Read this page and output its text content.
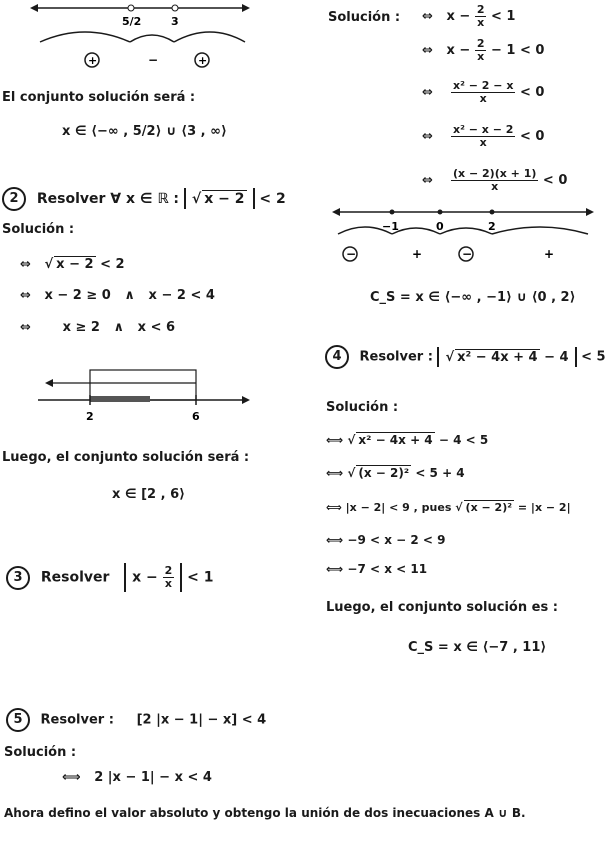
5/2	3
+	−	+
El conjunto solución será :
x ∈ ⟨−∞ , 5/2⟩ ∪ ⟨3 , ∞⟩
2 Resolver ∀ x ∈ ℝ : √ x − 2 < 2
Solución :
⇔   √ x − 2 < 2
⇔   x − 2 ≥ 0   ∧   x − 2 < 4
⇔       x ≥ 2   ∧   x < 6
2	6
Luego, el conjunto solución será :
x ∈ [2 , 6⟩
3 Resolver $x - \frac{2}{x} < 1$
Solución : ⇔ $x - \frac{2}{x} < 1$
⇔ $x - \frac{2}{x} - 1 < 0$
⇔ $\frac{\text{x² − 2 − x}}{x} < 0$
⇔ $\frac{\text{x² − x − 2}}{x} < 0$
⇔ $\frac{(x - 2)(x + 1)}{x} < 0$
−1	0	2
−	+	−	+
C_S = x ∈ ⟨−∞ , −1⟩ ∪ ⟨0 , 2⟩
4 Resolver : √ x² − 4x + 4 − 4 < 5
Solución :
⟺ √ x² − 4x + 4 − 4 < 5
⟺ √ (x − 2)² < 5 + 4
⟺ |x − 2| < 9 , pues √ (x − 2)² = |x − 2|
⟺ −9 < x − 2 < 9
⟺ −7 < x < 11
Luego, el conjunto solución es :
C_S = x ∈ ⟨−7 , 11⟩
5 Resolver : [2 |x − 1| − x] < 4
Solución :
⟺   2 |x − 1| − x < 4
Ahora defino el valor absoluto y obtengo la unión de dos inecuaciones A ∪ B.
